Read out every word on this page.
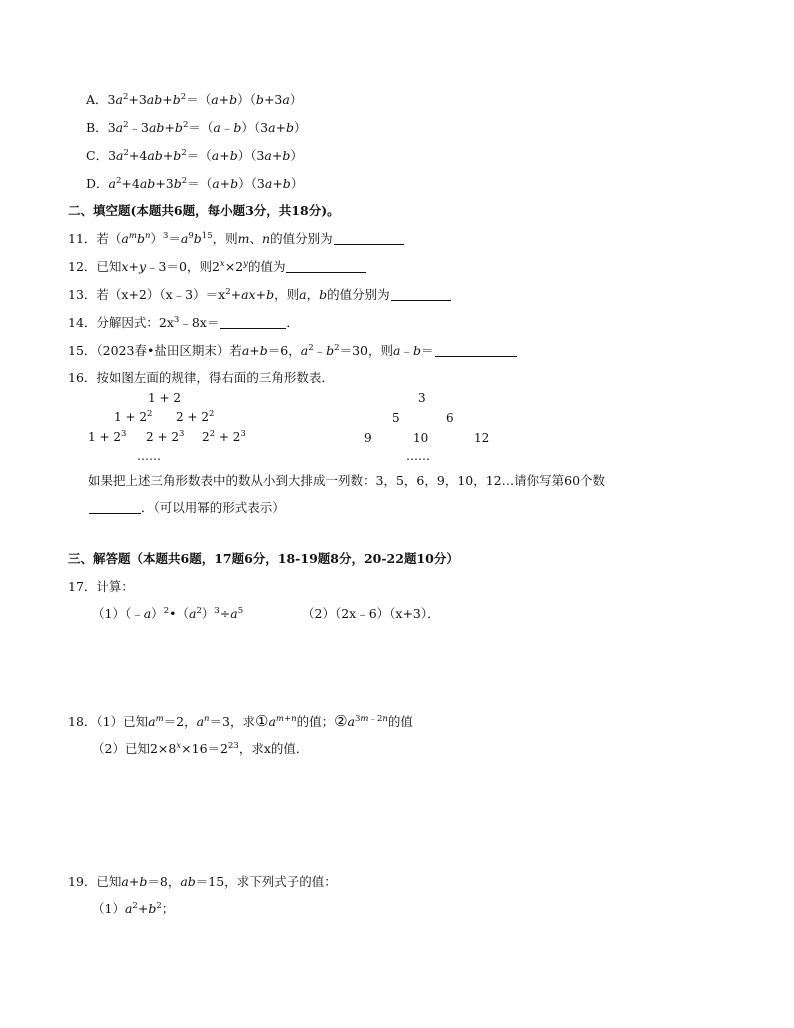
A．$3a^2+3ab+b^2=(a+b)(b+3a)$
B．$3a^2﹣3ab+b^2=(a﹣b)(3a+b)$
C．$3a^2+4ab+b^2=(a+b)(3a+b)$
D．$a^2+4ab+3b^2=(a+b)(3a+b)$
二、填空题(本题共6题，每小题3分，共18分)。
11．若$(a^mb^n)^3=a^9b^{15}$，则m、n的值分别为
12．已知x+y﹣3＝0，则$2^x\times 2^y$的值为
13．若$(x+2)(x﹣3)=x^2+ax+b$，则a，b的值分别为
14．分解因式：$2x^3﹣8x=$	．
15．（2023春•盐田区期末）若a+b＝6，$a^2﹣b^2=30$，则a﹣b＝
16．按如图左面的规律，得右面的三角形数表．
1 + 2
$1 + 2^2$ $2 + 2^2$
$1 + 2^3$ $2 + 2^3$ $2^2 + 2^3$
……
3
5	6
9	10	12
……
如果把上述三角形数表中的数从小到大排成一列数：3，5，6，9，10，12…请你写第60个数
．（可以用幂的形式表示）
三、解答题（本题共6题，17题6分，18-19题8分，20-22题10分）
17．计算：
$(1)(﹣a)^2•(a^2)^3\div a^5$	（2）（2x﹣6）（x+3）．
18．（1）已知$a^m=2$，$a^n=3$，求$①a^{m+n}$的值；$②a^{3m﹣2n}$的值
（2）已知$2\times 8^x\times 16=2^{23}$，求x的值．
19．已知a+b＝8，ab＝15，求下列式子的值：
$(1)a^2+b^2$；
